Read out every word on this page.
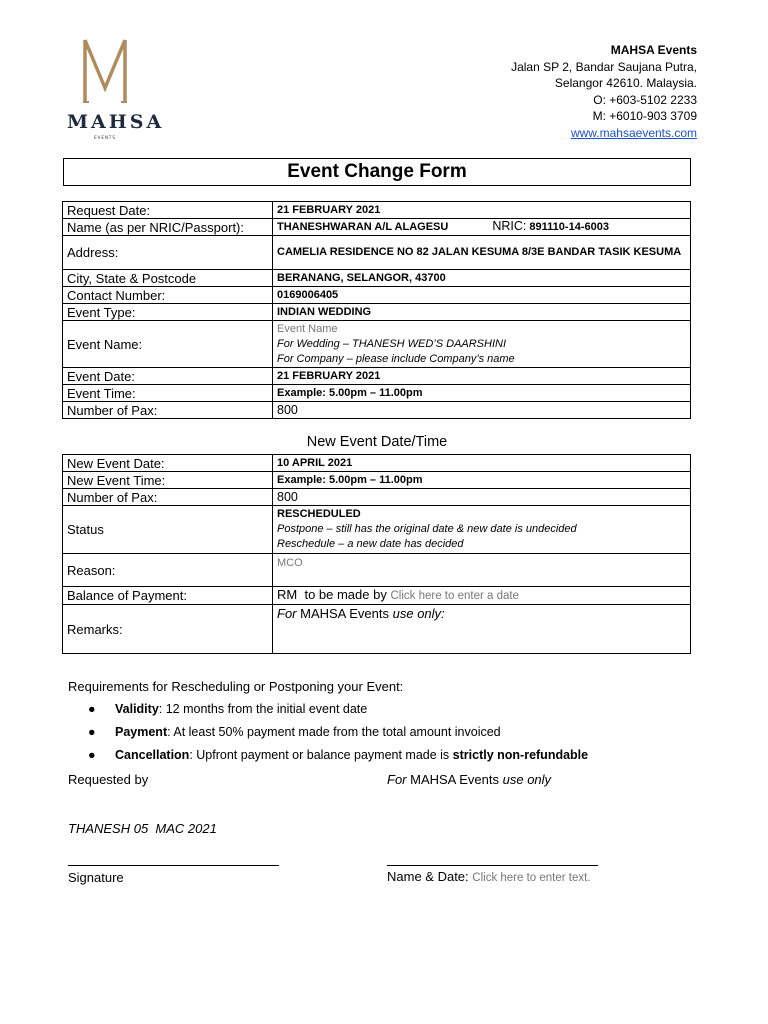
MAHSA
EVENTS
MAHSA Events
Jalan SP 2, Bandar Saujana Putra,
Selangor 42610. Malaysia.
O: +603-5102 2233
M: +6010-903 3709
www.mahsaevents.com
Event Change Form
Request Date:	21 FEBRUARY 2021
Name (as per NRIC/Passport):	THANESHWARAN A/L ALAGESU NRIC: 891110-14-6003
Address:	CAMELIA RESIDENCE NO 82 JALAN KESUMA 8/3E BANDAR TASIK KESUMA
City, State & Postcode	BERANANG, SELANGOR, 43700
Contact Number:	0169006405
Event Type:	INDIAN WEDDING
Event Name:	Event Name
For Wedding – THANESH WED’S DAARSHINI
For Company – please include Company’s name

Event Date:	21 FEBRUARY 2021
Event Time:	Example: 5.00pm – 11.00pm
Number of Pax:	800
New Event Date/Time
New Event Date:	10 APRIL 2021
New Event Time:	Example: 5.00pm – 11.00pm
Number of Pax:	800
Status	RESCHEDULED
Postpone – still has the original date & new date is undecided
Reschedule – a new date has decided

Reason:	MCO
Balance of Payment:	RM to be made by Click here to enter a date
Remarks:	For MAHSA Events use only:
Requirements for Rescheduling or Postponing your Event:
● Validity: 12 months from the initial event date
● Payment: At least 50% payment made from the total amount invoiced
● Cancellation: Upfront payment or balance payment made is strictly non-refundable
Requested by	For MAHSA Events use only
THANESH 05  MAC 2021
Signature	Name & Date: Click here to enter text.
